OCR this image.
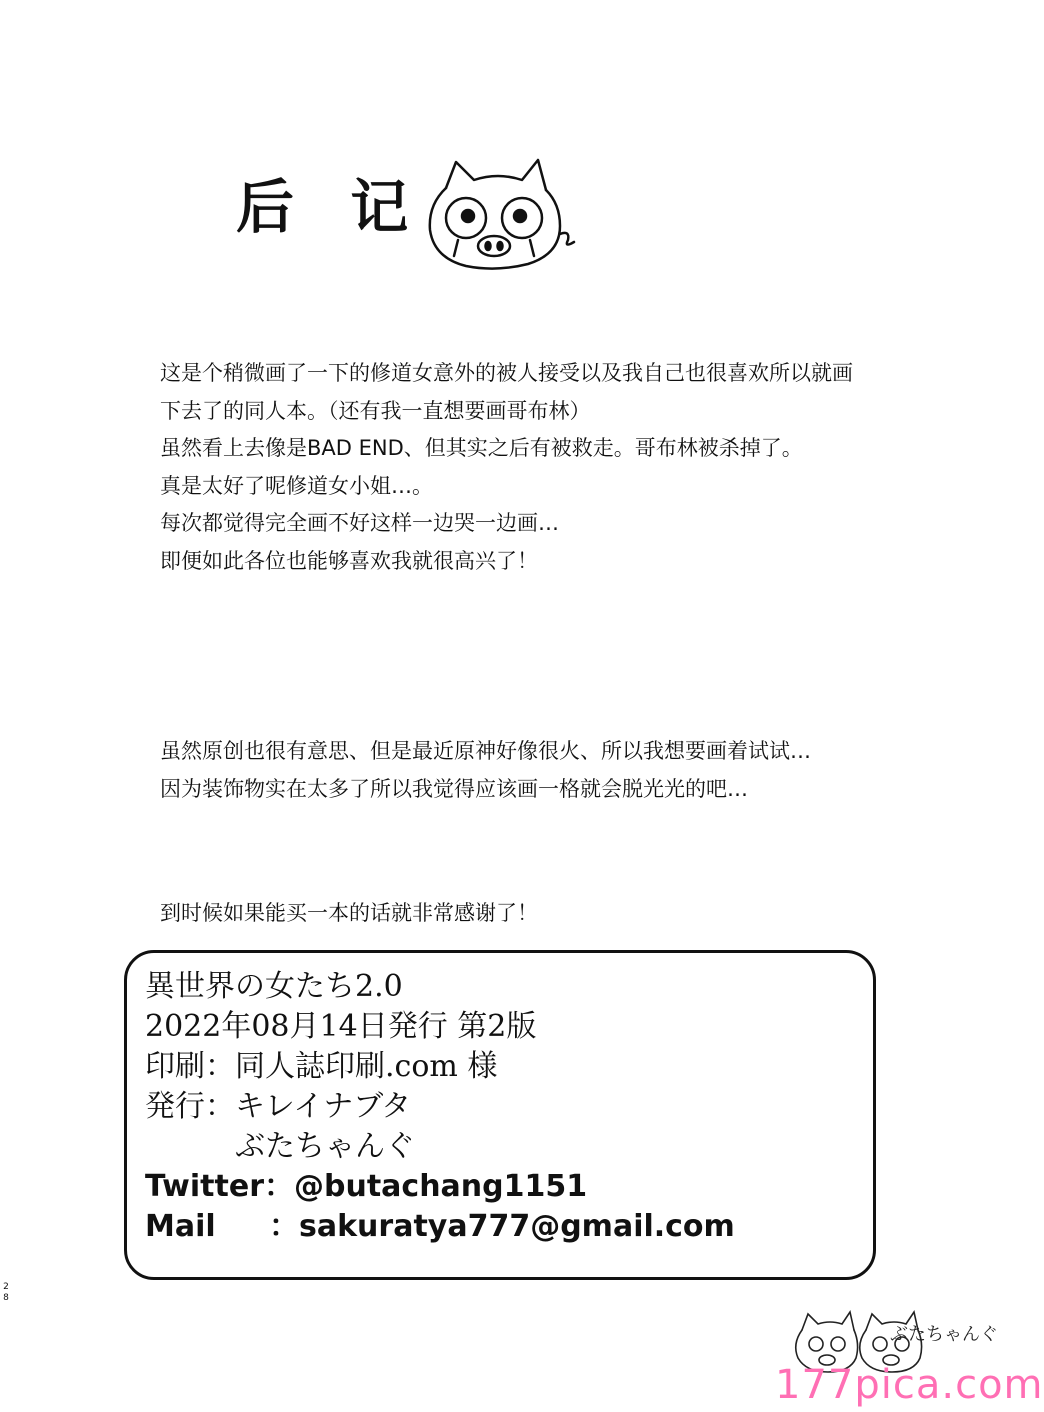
后 记
这是个稍微画了一下的修道女意外的被人接受以及我自己也很喜欢所以就画
下去了的同人本。（还有我一直想要画哥布林）
虽然看上去像是BAD END、但其实之后有被救走。哥布林被杀掉了。
真是太好了呢修道女小姐…。
每次都觉得完全画不好这样一边哭一边画…
即便如此各位也能够喜欢我就很高兴了！
虽然原创也很有意思、但是最近原神好像很火、所以我想要画着试试…
因为装饰物实在太多了所以我觉得应该画一格就会脱光光的吧…
到时候如果能买一本的话就非常感谢了！
異世界の女たち2.0
2022年08月14日発行 第2版
印刷：同人誌印刷.com 様
発行：キレイナブタ
ぶたちゃんぐ
Twitter：@butachang1151
Mail ：sakuratya777@gmail.com
2
8
ぶたちゃんぐ
177pica.com
